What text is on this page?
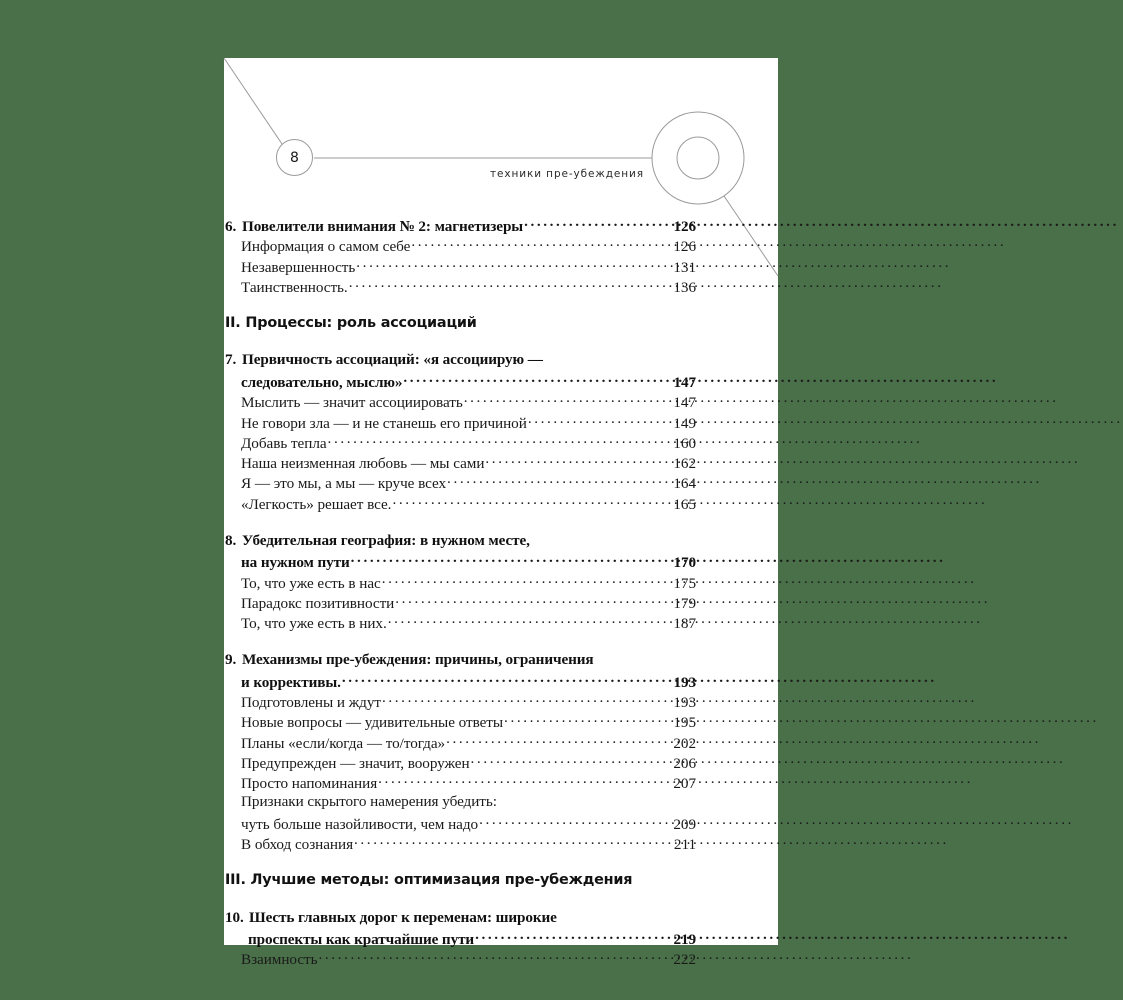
8
техники пре-убеждения
6. Повелители внимания № 2: магнетизеры .....	126
Информация о самом себе .....	126
Незавершенность .....	131
Таинственность. .....	136
II. Процессы: роль ассоциаций
7. Первичность ассоциаций: «я ассоциирую —
следовательно, мыслю» .....	147
Мыслить — значит ассоциировать .....	147
Не говори зла — и не станешь его причиной .....	149
Добавь тепла .....	160
Наша неизменная любовь — мы сами .....	162
Я — это мы, а мы — круче всех .....	164
«Легкость» решает все. .....	165
8. Убедительная география: в нужном месте,
на нужном пути .....	170
То, что уже есть в нас .....	175
Парадокс позитивности .....	179
То, что уже есть в них. .....	187
9. Механизмы пре-убеждения: причины, ограничения
и коррективы. .....	193
Подготовлены и ждут .....	193
Новые вопросы — удивительные ответы .....	195
Планы «если/когда — то/тогда» .....	202
Предупрежден — значит, вооружен .....	206
Просто напоминания .....	207
Признаки скрытого намерения убедить:
чуть больше назойливости, чем надо .....	209
В обход сознания .....	211
III. Лучшие методы: оптимизация пре-убеждения
10. Шесть главных дорог к переменам: широкие
проспекты как кратчайшие пути .....	219
Взаимность .....	222
